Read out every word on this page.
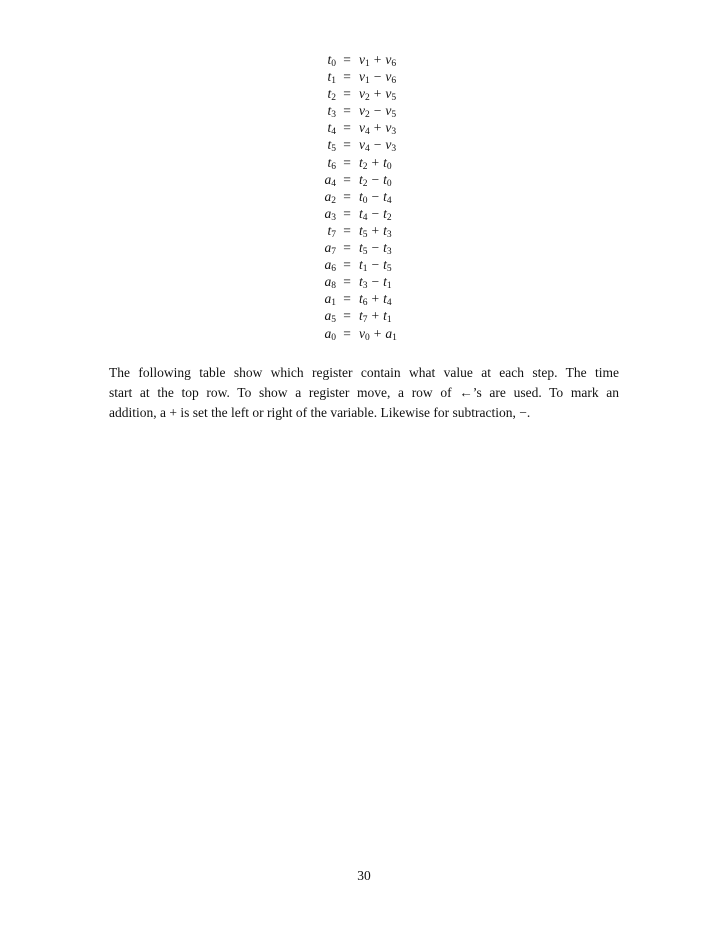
$t_0 = v_1 + v_6$
$t_1 = v_1 - v_6$
$t_2 = v_2 + v_5$
$t_3 = v_2 - v_5$
$t_4 = v_4 + v_3$
$t_5 = v_4 - v_3$
$t_6 = t_2 + t_0$
$a_4 = t_2 - t_0$
$a_2 = t_0 - t_4$
$a_3 = t_4 - t_2$
$t_7 = t_5 + t_3$
$a_7 = t_5 - t_3$
$a_6 = t_1 - t_5$
$a_8 = t_3 - t_1$
$a_1 = t_6 + t_4$
$a_5 = t_7 + t_1$
$a_0 = v_0 + a_1$
The following table show which register contain what value at each step. The time
start at the top row. To show a register move, a row of ←’s are used. To mark an
addition, a + is set the left or right of the variable. Likewise for subtraction, −.
30
